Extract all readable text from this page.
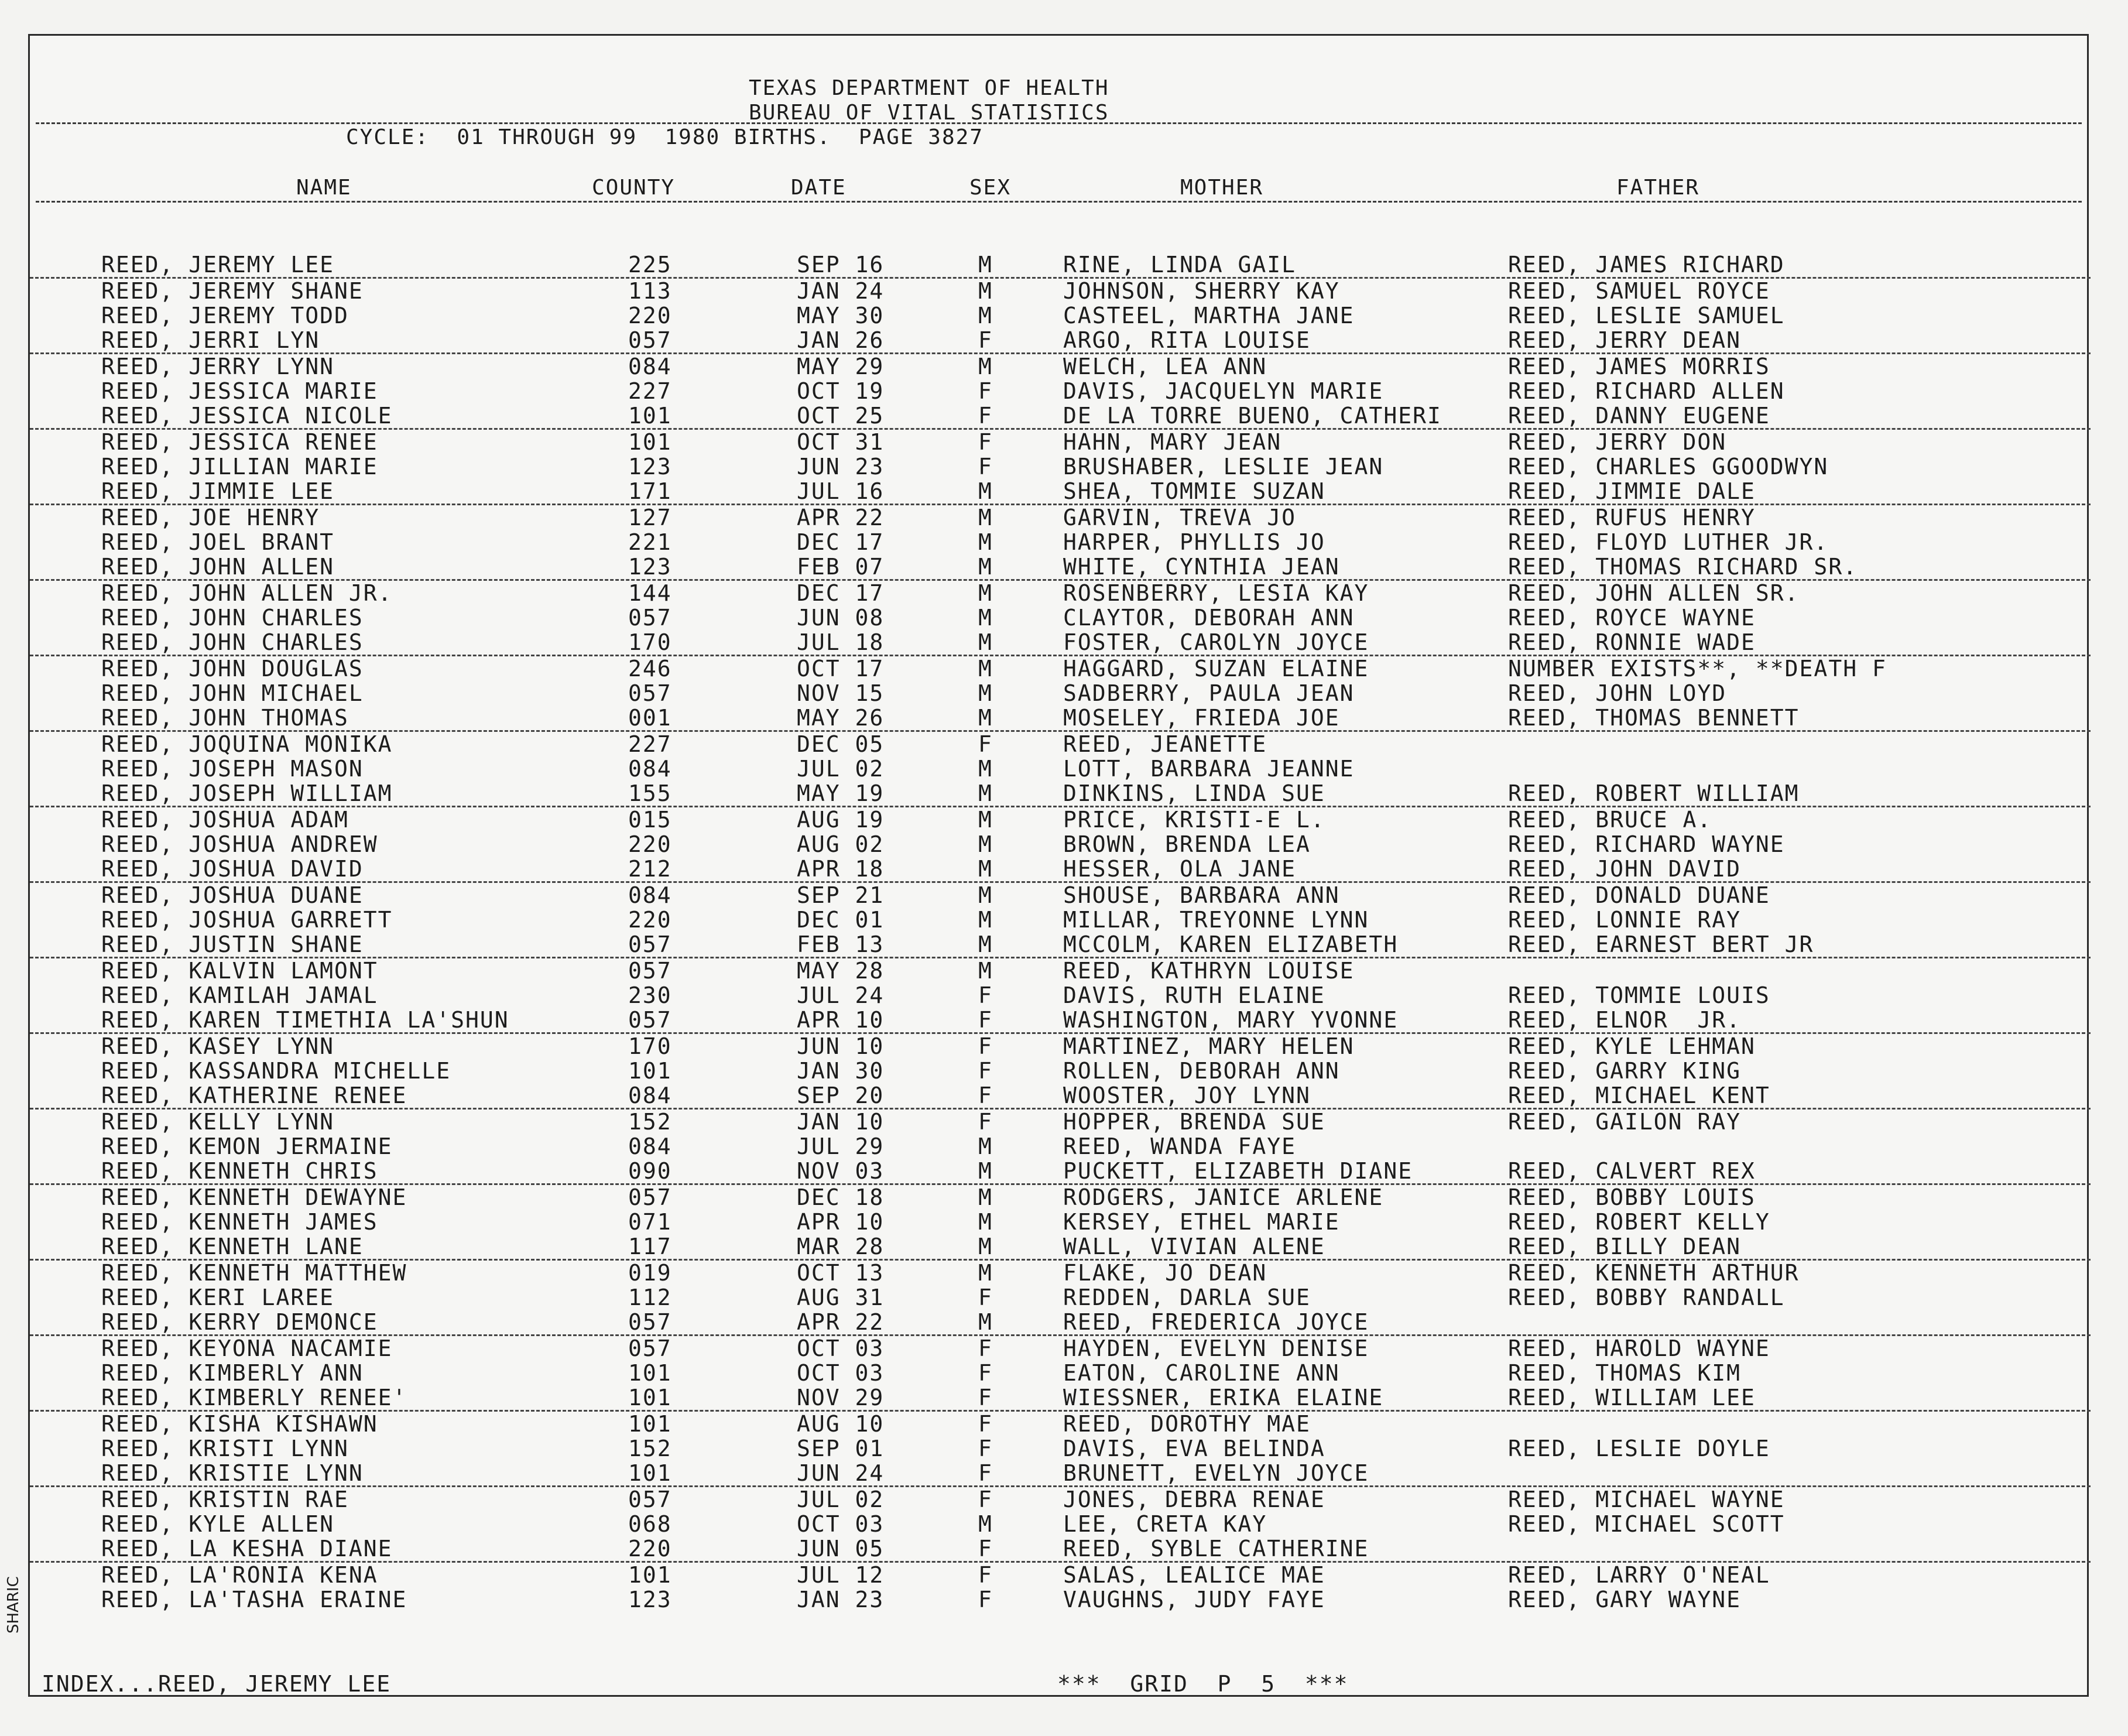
TEXAS DEPARTMENT OF HEALTH
BUREAU OF VITAL STATISTICS
CYCLE:  01 THROUGH 99  1980 BIRTHS.  PAGE 3827
NAME	COUNTY	DATE	SEX	MOTHER	FATHER
REED, JEREMY LEE	225	SEP 16	M	RINE, LINDA GAIL	REED, JAMES RICHARD
REED, JEREMY SHANE	113	JAN 24	M	JOHNSON, SHERRY KAY	REED, SAMUEL ROYCE
REED, JEREMY TODD	220	MAY 30	M	CASTEEL, MARTHA JANE	REED, LESLIE SAMUEL
REED, JERRI LYN	057	JAN 26	F	ARGO, RITA LOUISE	REED, JERRY DEAN
REED, JERRY LYNN	084	MAY 29	M	WELCH, LEA ANN	REED, JAMES MORRIS
REED, JESSICA MARIE	227	OCT 19	F	DAVIS, JACQUELYN MARIE	REED, RICHARD ALLEN
REED, JESSICA NICOLE	101	OCT 25	F	DE LA TORRE BUENO, CATHERI	REED, DANNY EUGENE
REED, JESSICA RENEE	101	OCT 31	F	HAHN, MARY JEAN	REED, JERRY DON
REED, JILLIAN MARIE	123	JUN 23	F	BRUSHABER, LESLIE JEAN	REED, CHARLES GGOODWYN
REED, JIMMIE LEE	171	JUL 16	M	SHEA, TOMMIE SUZAN	REED, JIMMIE DALE
REED, JOE HENRY	127	APR 22	M	GARVIN, TREVA JO	REED, RUFUS HENRY
REED, JOEL BRANT	221	DEC 17	M	HARPER, PHYLLIS JO	REED, FLOYD LUTHER JR.
REED, JOHN ALLEN	123	FEB 07	M	WHITE, CYNTHIA JEAN	REED, THOMAS RICHARD SR.
REED, JOHN ALLEN JR.	144	DEC 17	M	ROSENBERRY, LESIA KAY	REED, JOHN ALLEN SR.
REED, JOHN CHARLES	057	JUN 08	M	CLAYTOR, DEBORAH ANN	REED, ROYCE WAYNE
REED, JOHN CHARLES	170	JUL 18	M	FOSTER, CAROLYN JOYCE	REED, RONNIE WADE
REED, JOHN DOUGLAS	246	OCT 17	M	HAGGARD, SUZAN ELAINE	NUMBER EXISTS**, **DEATH F
REED, JOHN MICHAEL	057	NOV 15	M	SADBERRY, PAULA JEAN	REED, JOHN LOYD
REED, JOHN THOMAS	001	MAY 26	M	MOSELEY, FRIEDA JOE	REED, THOMAS BENNETT
REED, JOQUINA MONIKA	227	DEC 05	F	REED, JEANETTE
REED, JOSEPH MASON	084	JUL 02	M	LOTT, BARBARA JEANNE
REED, JOSEPH WILLIAM	155	MAY 19	M	DINKINS, LINDA SUE	REED, ROBERT WILLIAM
REED, JOSHUA ADAM	015	AUG 19	M	PRICE, KRISTI-E L.	REED, BRUCE A.
REED, JOSHUA ANDREW	220	AUG 02	M	BROWN, BRENDA LEA	REED, RICHARD WAYNE
REED, JOSHUA DAVID	212	APR 18	M	HESSER, OLA JANE	REED, JOHN DAVID
REED, JOSHUA DUANE	084	SEP 21	M	SHOUSE, BARBARA ANN	REED, DONALD DUANE
REED, JOSHUA GARRETT	220	DEC 01	M	MILLAR, TREYONNE LYNN	REED, LONNIE RAY
REED, JUSTIN SHANE	057	FEB 13	M	MCCOLM, KAREN ELIZABETH	REED, EARNEST BERT JR
REED, KALVIN LAMONT	057	MAY 28	M	REED, KATHRYN LOUISE
REED, KAMILAH JAMAL	230	JUL 24	F	DAVIS, RUTH ELAINE	REED, TOMMIE LOUIS
REED, KAREN TIMETHIA LA'SHUN	057	APR 10	F	WASHINGTON, MARY YVONNE	REED, ELNOR  JR.
REED, KASEY LYNN	170	JUN 10	F	MARTINEZ, MARY HELEN	REED, KYLE LEHMAN
REED, KASSANDRA MICHELLE	101	JAN 30	F	ROLLEN, DEBORAH ANN	REED, GARRY KING
REED, KATHERINE RENEE	084	SEP 20	F	WOOSTER, JOY LYNN	REED, MICHAEL KENT
REED, KELLY LYNN	152	JAN 10	F	HOPPER, BRENDA SUE	REED, GAILON RAY
REED, KEMON JERMAINE	084	JUL 29	M	REED, WANDA FAYE
REED, KENNETH CHRIS	090	NOV 03	M	PUCKETT, ELIZABETH DIANE	REED, CALVERT REX
REED, KENNETH DEWAYNE	057	DEC 18	M	RODGERS, JANICE ARLENE	REED, BOBBY LOUIS
REED, KENNETH JAMES	071	APR 10	M	KERSEY, ETHEL MARIE	REED, ROBERT KELLY
REED, KENNETH LANE	117	MAR 28	M	WALL, VIVIAN ALENE	REED, BILLY DEAN
REED, KENNETH MATTHEW	019	OCT 13	M	FLAKE, JO DEAN	REED, KENNETH ARTHUR
REED, KERI LAREE	112	AUG 31	F	REDDEN, DARLA SUE	REED, BOBBY RANDALL
REED, KERRY DEMONCE	057	APR 22	M	REED, FREDERICA JOYCE
REED, KEYONA NACAMIE	057	OCT 03	F	HAYDEN, EVELYN DENISE	REED, HAROLD WAYNE
REED, KIMBERLY ANN	101	OCT 03	F	EATON, CAROLINE ANN	REED, THOMAS KIM
REED, KIMBERLY RENEE'	101	NOV 29	F	WIESSNER, ERIKA ELAINE	REED, WILLIAM LEE
REED, KISHA KISHAWN	101	AUG 10	F	REED, DOROTHY MAE
REED, KRISTI LYNN	152	SEP 01	F	DAVIS, EVA BELINDA	REED, LESLIE DOYLE
REED, KRISTIE LYNN	101	JUN 24	F	BRUNETT, EVELYN JOYCE
REED, KRISTIN RAE	057	JUL 02	F	JONES, DEBRA RENAE	REED, MICHAEL WAYNE
REED, KYLE ALLEN	068	OCT 03	M	LEE, CRETA KAY	REED, MICHAEL SCOTT
REED, LA KESHA DIANE	220	JUN 05	F	REED, SYBLE CATHERINE
REED, LA'RONIA KENA	101	JUL 12	F	SALAS, LEALICE MAE	REED, LARRY O'NEAL
REED, LA'TASHA ERAINE	123	JAN 23	F	VAUGHNS, JUDY FAYE	REED, GARY WAYNE
INDEX...REED, JEREMY LEE	***  GRID  P  5  ***
SHARIC
